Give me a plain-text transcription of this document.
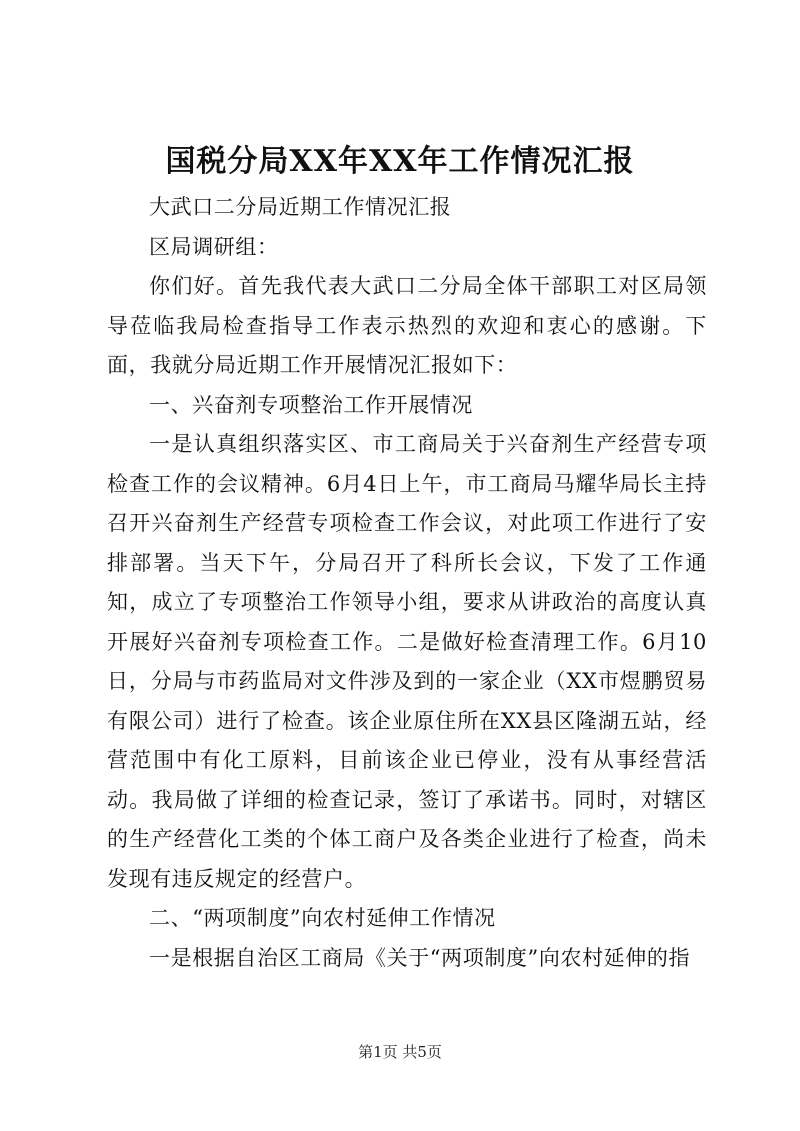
国税分局XX年XX年工作情况汇报

大武口二分局近期工作情况汇报

区局调研组：

你们好。首先我代表大武口二分局全体干部职工对区局领导莅临我局检查指导工作表示热烈的欢迎和衷心的感谢。下面，我就分局近期工作开展情况汇报如下：

一、兴奋剂专项整治工作开展情况

一是认真组织落实区、市工商局关于兴奋剂生产经营专项检查工作的会议精神。6月4日上午，市工商局马耀华局长主持召开兴奋剂生产经营专项检查工作会议，对此项工作进行了安排部署。当天下午，分局召开了科所长会议，下发了工作通知，成立了专项整治工作领导小组，要求从讲政治的高度认真开展好兴奋剂专项检查工作。二是做好检查清理工作。6月10日，分局与市药监局对文件涉及到的一家企业（XX市煜鹏贸易有限公司）进行了检查。该企业原住所在XX县区隆湖五站，经营范围中有化工原料，目前该企业已停业，没有从事经营活动。我局做了详细的检查记录，签订了承诺书。同时，对辖区的生产经营化工类的个体工商户及各类企业进行了检查，尚未发现有违反规定的经营户。

二、“两项制度”向农村延伸工作情况

一是根据自治区工商局《关于“两项制度”向农村延伸的指

第1页 共5页
